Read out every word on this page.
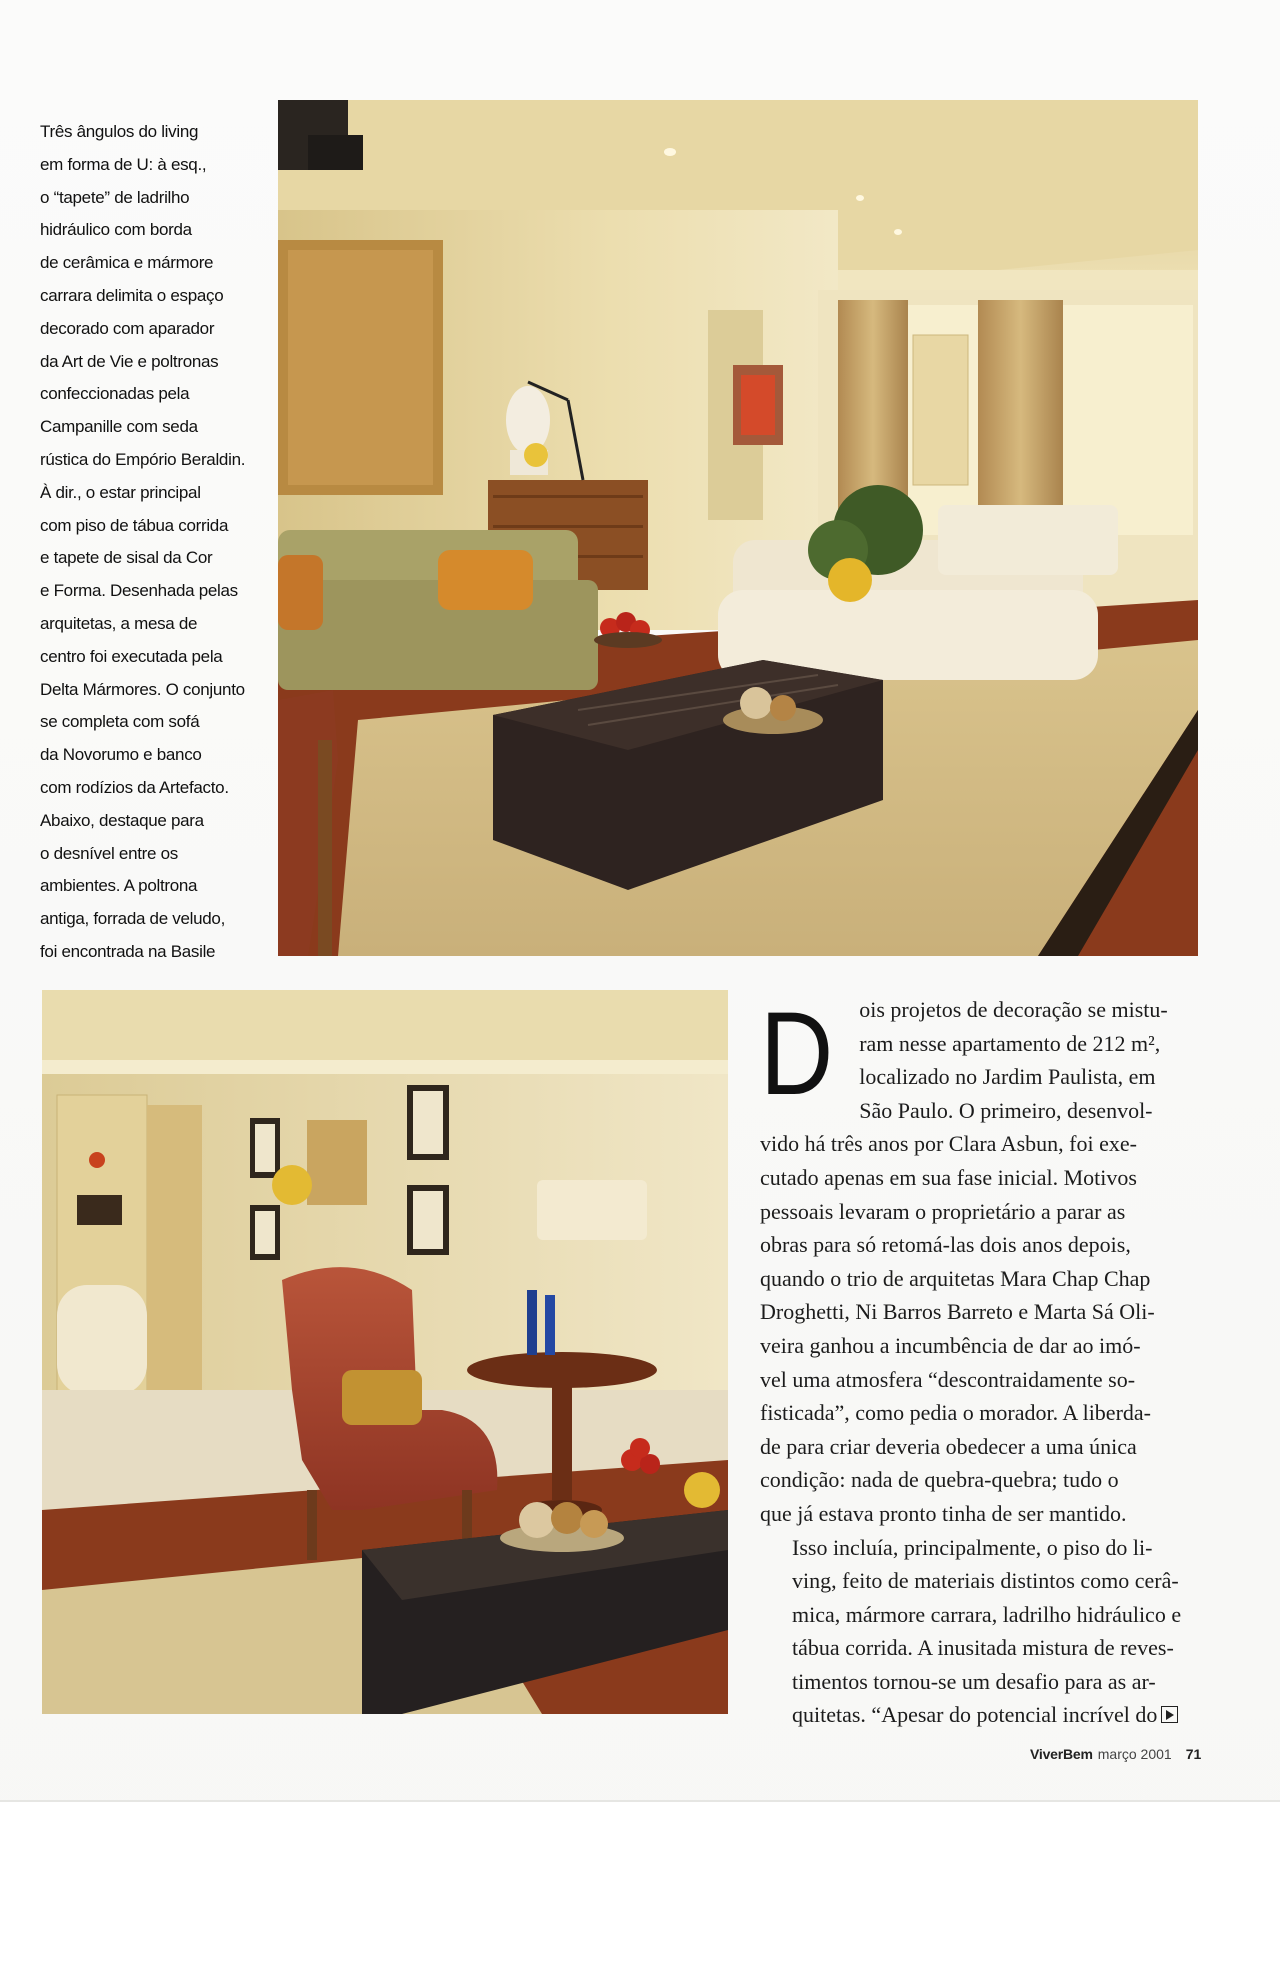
Três ângulos do living
em forma de U: à esq.,
o “tapete” de ladrilho
hidráulico com borda
de cerâmica e mármore
carrara delimita o espaço
decorado com aparador
da Art de Vie e poltronas
confeccionadas pela
Campanille com seda
rústica do Empório Beraldin.
À dir., o estar principal
com piso de tábua corrida
e tapete de sisal da Cor
e Forma. Desenhada pelas
arquitetas, a mesa de
centro foi executada pela
Delta Mármores. O conjunto
se completa com sofá
da Novorumo e banco
com rodízios da Artefacto.
Abaixo, destaque para
o desnível entre os
ambientes. A poltrona
antiga, forrada de veludo,
foi encontrada na Basile
D	ois projetos de decoração se mistu-
ram nesse apartamento de 212 m²,
localizado no Jardim Paulista, em
São Paulo. O primeiro, desenvol-
vido há três anos por Clara Asbun, foi exe-
cutado apenas em sua fase inicial. Motivos
pessoais levaram o proprietário a parar as
obras para só retomá-las dois anos depois,
quando o trio de arquitetas Mara Chap Chap
Droghetti, Ni Barros Barreto e Marta Sá Oli-
veira ganhou a incumbência de dar ao imó-
vel uma atmosfera “descontraidamente so-
fisticada”, como pedia o morador. A liberda-
de para criar deveria obedecer a uma única
condição: nada de quebra-quebra; tudo o
que já estava pronto tinha de ser mantido.

Isso incluía, principalmente, o piso do li-
ving, feito de materiais distintos como cerâ-
mica, mármore carrara, ladrilho hidráulico e
tábua corrida. A inusitada mistura de reves-
timentos tornou-se um desafio para as ar-
quitetas. “Apesar do potencial incrível do

ViverBem março 2001 71
